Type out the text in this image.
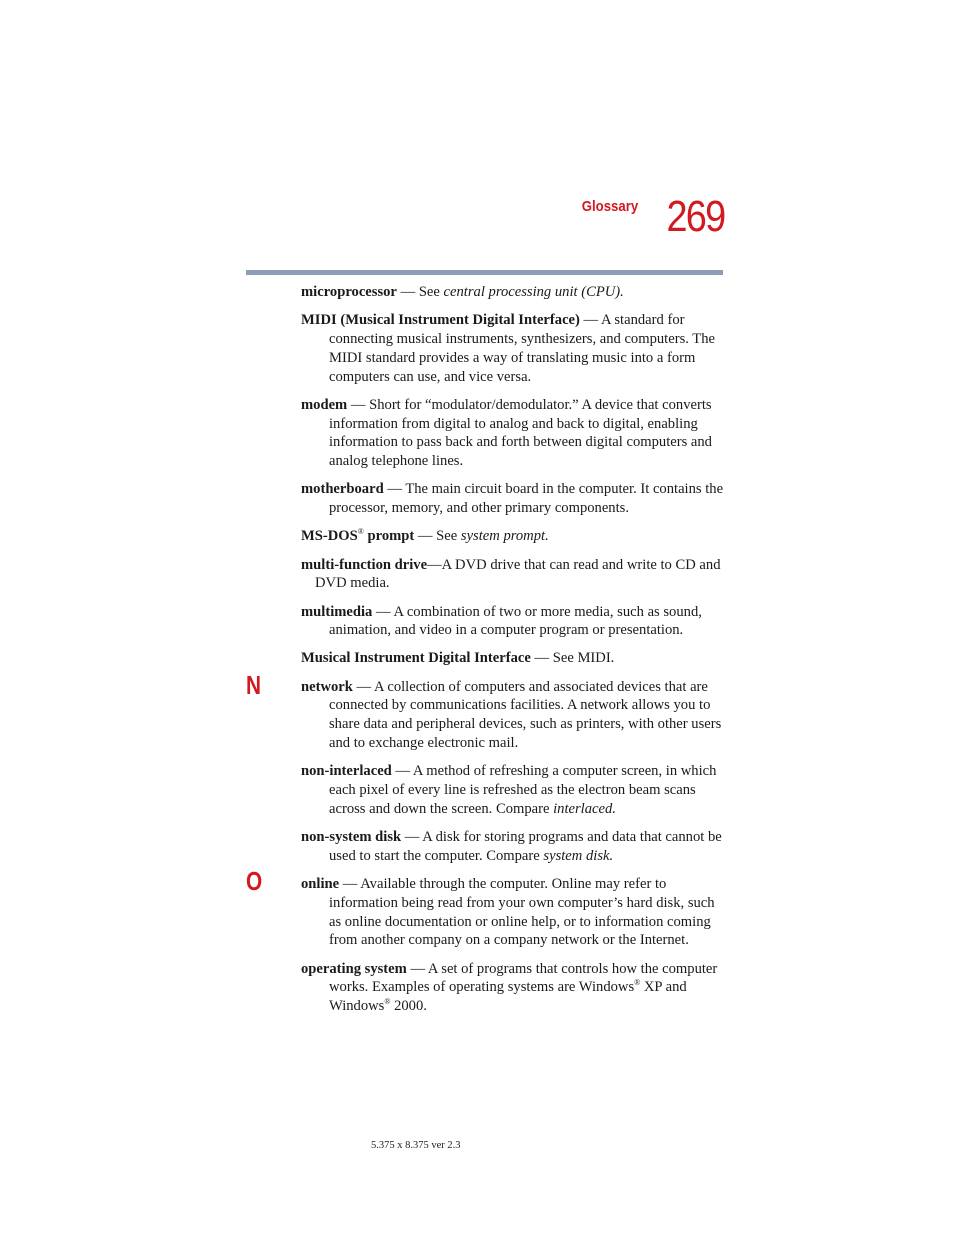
Glossary 269
N
O

microprocessor — See central processing unit (CPU).

MIDI (Musical Instrument Digital Interface) — A standard for connecting musical instruments, synthesizers, and computers. The MIDI standard provides a way of translating music into a form computers can use, and vice versa.

modem — Short for “modulator/demodulator.” A device that converts information from digital to analog and back to digital, enabling information to pass back and forth between digital computers and analog telephone lines.

motherboard — The main circuit board in the computer. It contains the processor, memory, and other primary components.

MS-DOS® prompt — See system prompt.

multi-function drive—A DVD drive that can read and write to CD and DVD media.

multimedia — A combination of two or more media, such as sound, animation, and video in a computer program or presentation.

Musical Instrument Digital Interface — See MIDI.

network — A collection of computers and associated devices that are connected by communications facilities. A network allows you to share data and peripheral devices, such as printers, with other users and to exchange electronic mail.

non-interlaced — A method of refreshing a computer screen, in which each pixel of every line is refreshed as the electron beam scans across and down the screen. Compare interlaced.

non-system disk — A disk for storing programs and data that cannot be used to start the computer. Compare system disk.

online — Available through the computer. Online may refer to information being read from your own computer’s hard disk, such as online documentation or online help, or to information coming from another company on a company network or the Internet.

operating system — A set of programs that controls how the computer works. Examples of operating systems are Windows® XP and Windows® 2000.

5.375 x 8.375 ver 2.3
